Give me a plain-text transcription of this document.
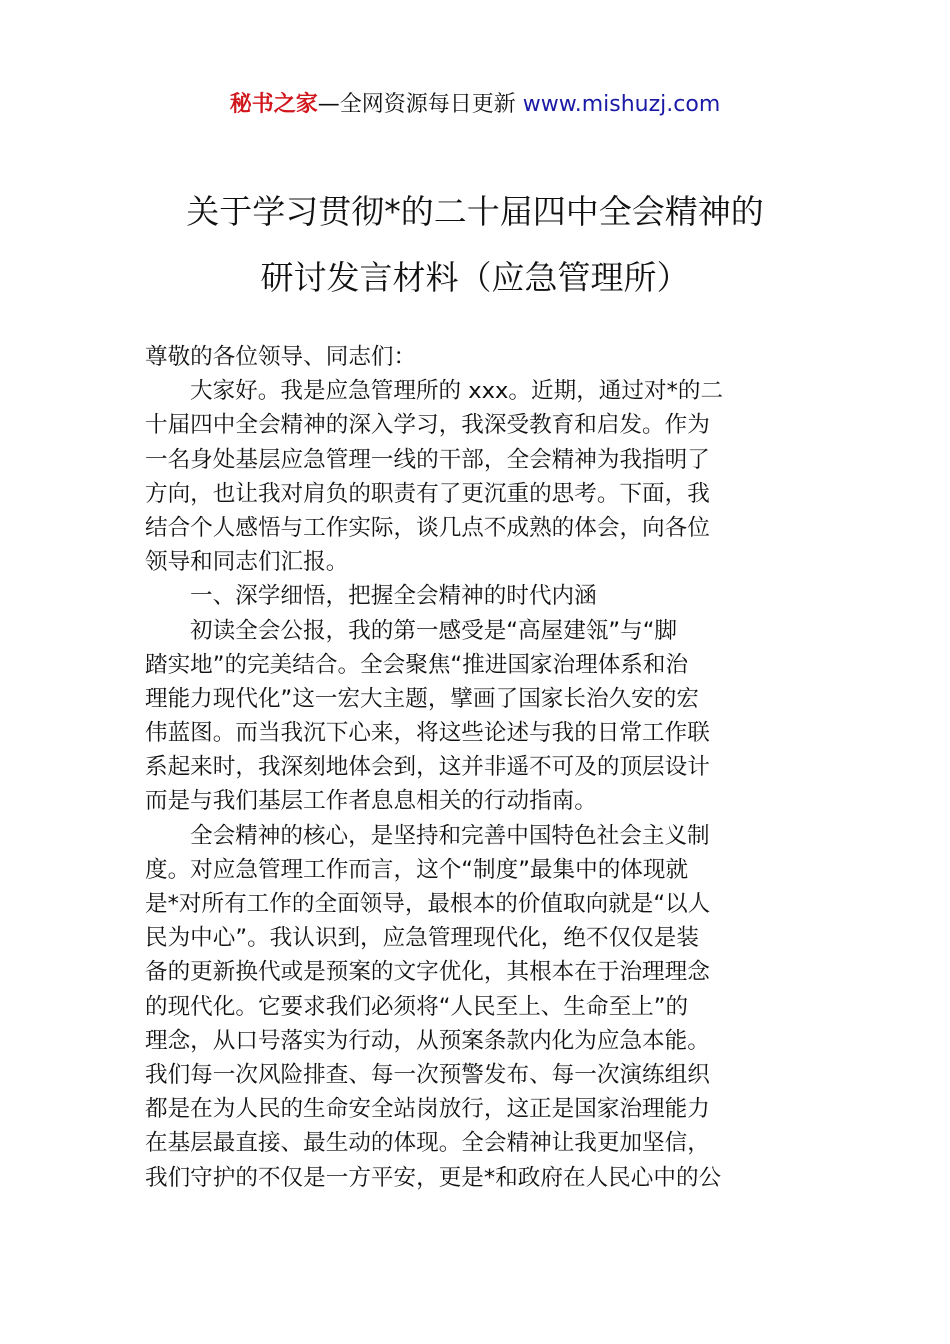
秘书之家—全网资源每日更新 www.mishuzj.com
关于学习贯彻*的二十届四中全会精神的
研讨发言材料（应急管理所）
尊敬的各位领导、同志们：
大家好。我是应急管理所的 xxx。近期，通过对*的二
十届四中全会精神的深入学习，我深受教育和启发。作为
一名身处基层应急管理一线的干部，全会精神为我指明了
方向，也让我对肩负的职责有了更沉重的思考。下面，我
结合个人感悟与工作实际，谈几点不成熟的体会，向各位
领导和同志们汇报。
一、深学细悟，把握全会精神的时代内涵
初读全会公报，我的第一感受是“高屋建瓴”与“脚
踏实地”的完美结合。全会聚焦“推进国家治理体系和治
理能力现代化”这一宏大主题，擘画了国家长治久安的宏
伟蓝图。而当我沉下心来，将这些论述与我的日常工作联
系起来时，我深刻地体会到，这并非遥不可及的顶层设计
而是与我们基层工作者息息相关的行动指南。
全会精神的核心，是坚持和完善中国特色社会主义制
度。对应急管理工作而言，这个“制度”最集中的体现就
是*对所有工作的全面领导，最根本的价值取向就是“以人
民为中心”。我认识到，应急管理现代化，绝不仅仅是装
备的更新换代或是预案的文字优化，其根本在于治理理念
的现代化。它要求我们必须将“人民至上、生命至上”的
理念，从口号落实为行动，从预案条款内化为应急本能。
我们每一次风险排查、每一次预警发布、每一次演练组织
都是在为人民的生命安全站岗放行，这正是国家治理能力
在基层最直接、最生动的体现。全会精神让我更加坚信，
我们守护的不仅是一方平安，更是*和政府在人民心中的公
